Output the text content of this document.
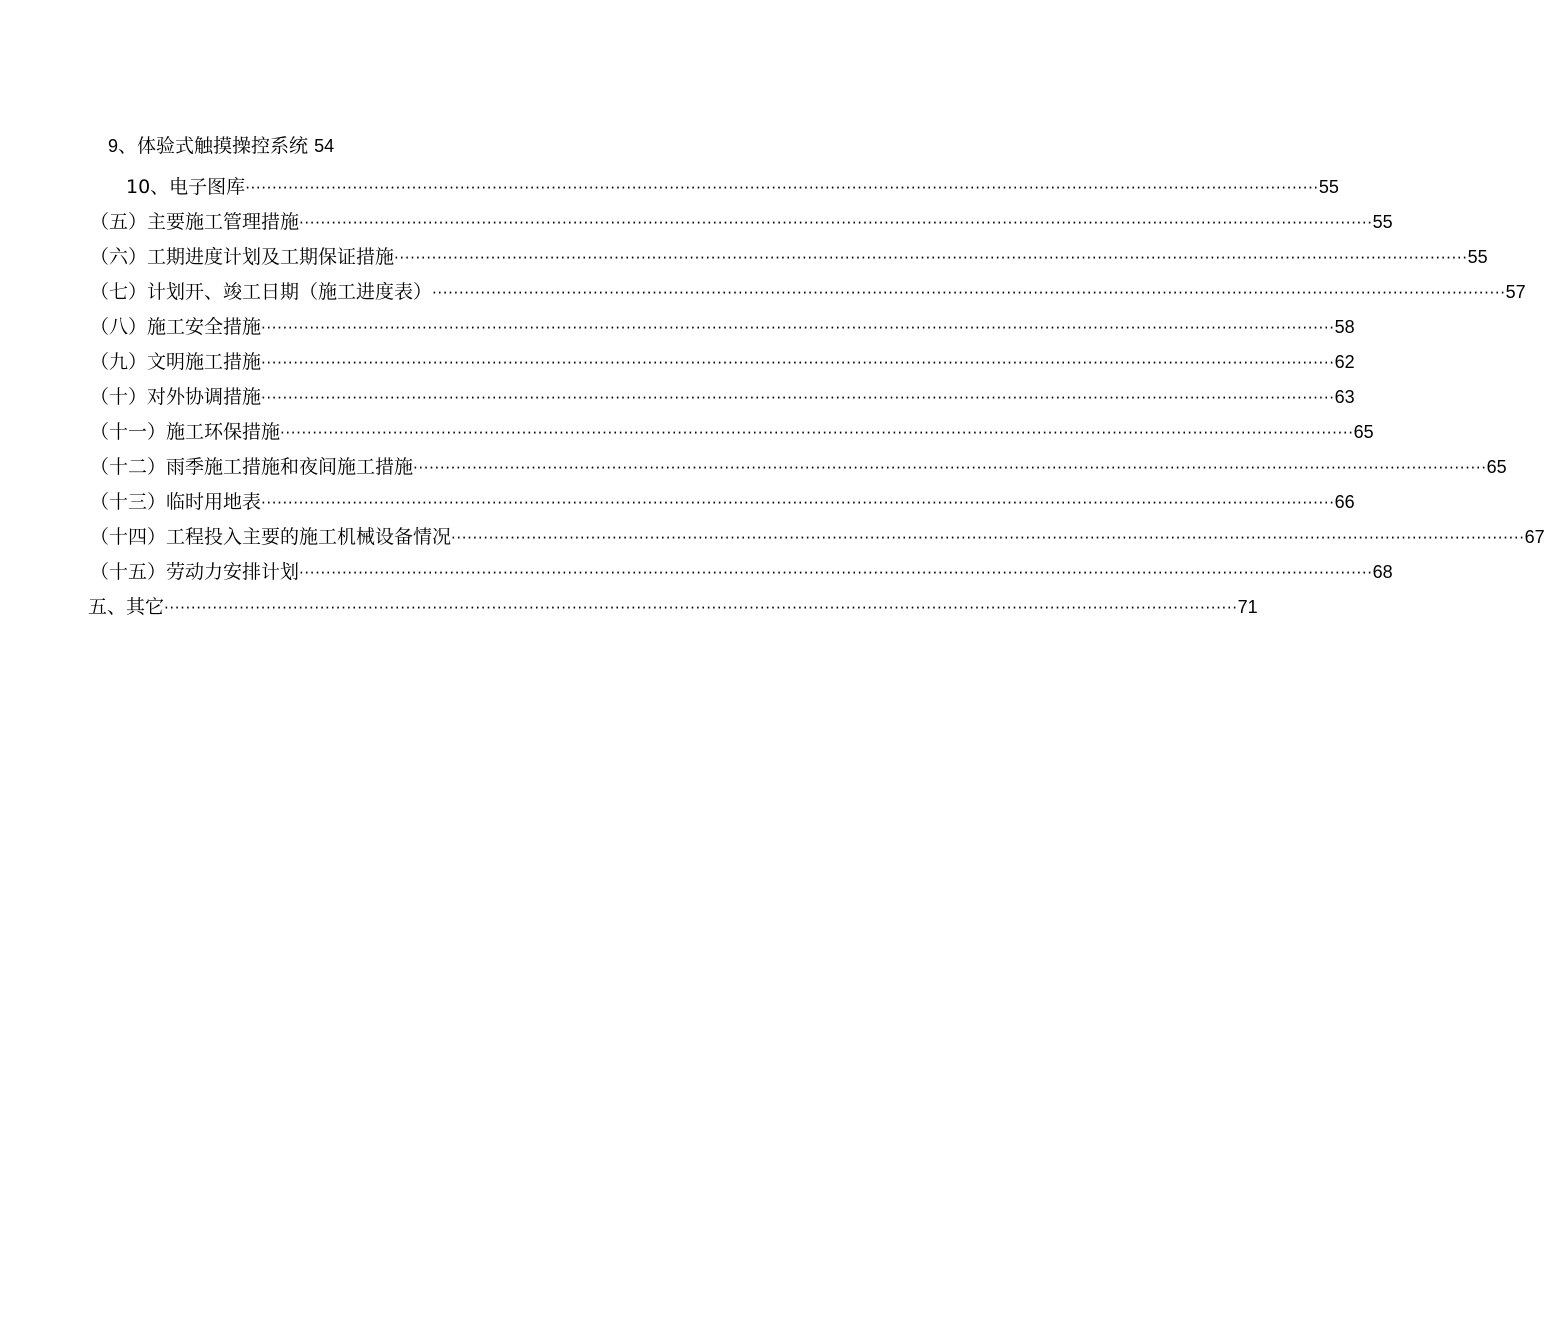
9、体验式触摸操控系统 54
10、电子图库 ········································································································································································································ 55
（五）主要施工管理措施 ········································································································································································································ 55
（六）工期进度计划及工期保证措施 ········································································································································································································ 55
（七）计划开、竣工日期（施工进度表） ········································································································································································································ 57
（八）施工安全措施 ········································································································································································································ 58
（九）文明施工措施 ········································································································································································································ 62
（十）对外协调措施 ········································································································································································································ 63
（十一）施工环保措施 ········································································································································································································ 65
（十二）雨季施工措施和夜间施工措施 ········································································································································································································ 65
（十三）临时用地表 ········································································································································································································ 66
（十四）工程投入主要的施工机械设备情况 ········································································································································································································ 67
（十五）劳动力安排计划 ········································································································································································································ 68
五、其它 ········································································································································································································ 71
